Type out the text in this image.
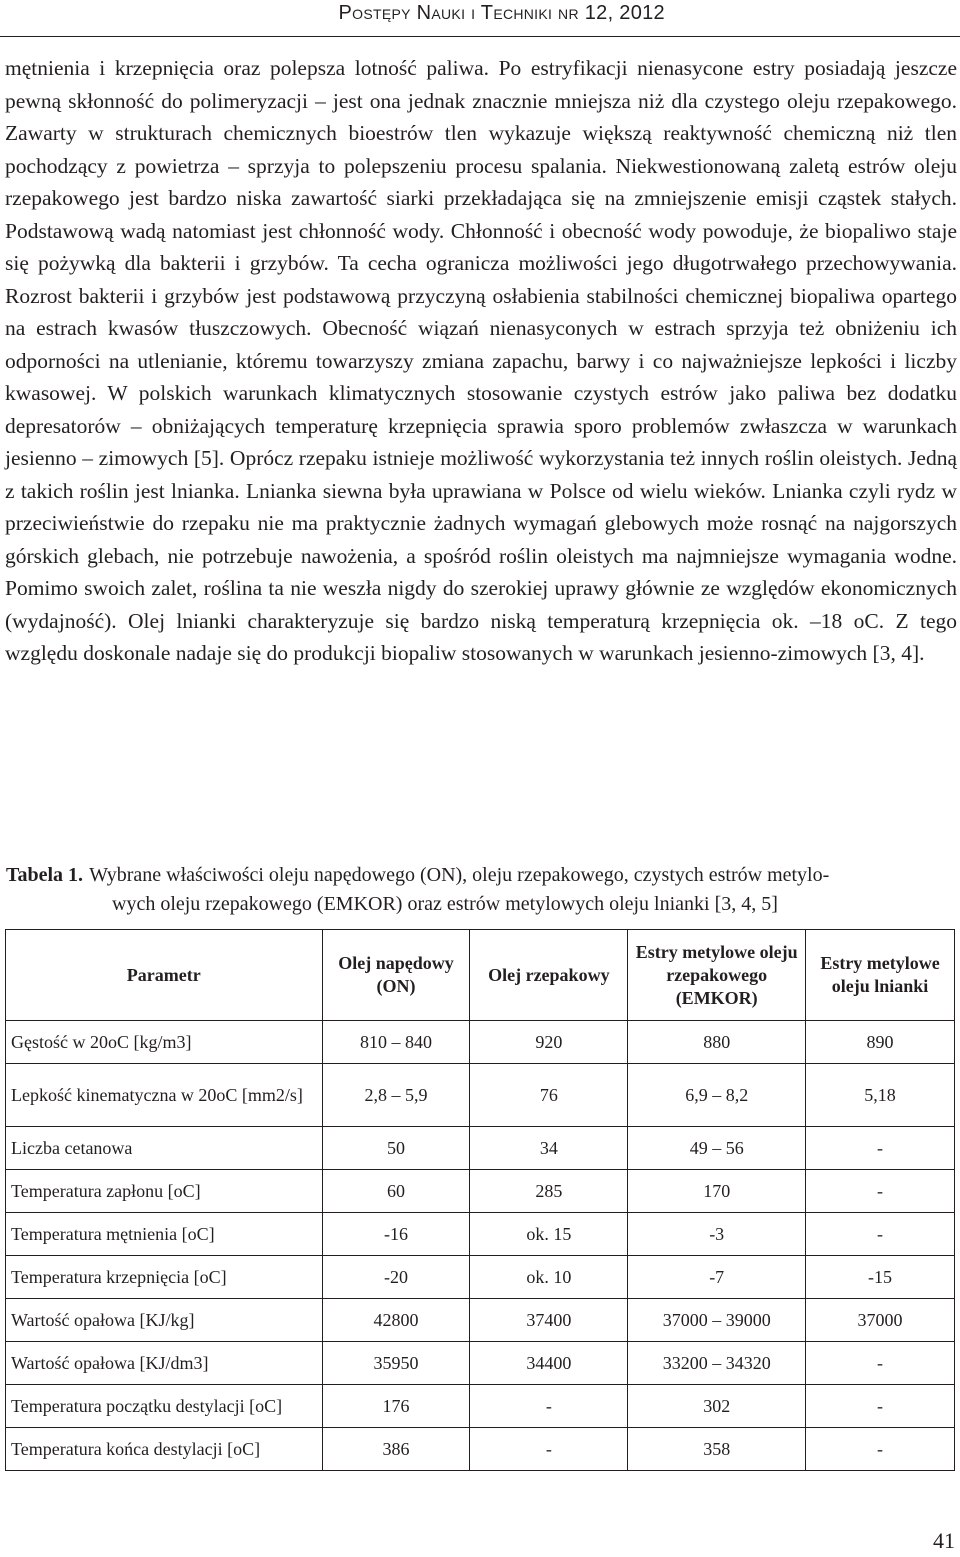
Postępy Nauki i Techniki nr 12, 2012

mętnienia i krzepnięcia oraz polepsza lotność paliwa. Po estryfikacji nienasycone estry posiadają jeszcze pewną skłonność do polimeryzacji – jest ona jednak znacznie mniejsza niż dla czystego oleju rzepakowego. Zawarty w strukturach chemicznych bioestrów tlen wykazuje większą reaktywność chemiczną niż tlen pochodzący z powietrza – sprzyja to polepszeniu procesu spalania. Niekwestionowaną zaletą estrów oleju rzepakowego jest bardzo niska zawartość siarki przekładająca się na zmniejszenie emisji cząstek stałych. Podstawową wadą natomiast jest chłonność wody. Chłonność i obecność wody powoduje, że biopaliwo staje się pożywką dla bakterii i grzybów. Ta cecha ogranicza możliwości jego długotrwałego przechowywania. Rozrost bakterii i grzybów jest podstawową przyczyną osłabienia stabilności chemicznej biopaliwa opartego na estrach kwasów tłuszczowych. Obecność wiązań nienasyconych w estrach sprzyja też obniżeniu ich odporności na utlenianie, któremu towarzyszy zmiana zapachu, barwy i co najważniejsze lepkości i liczby kwasowej. W polskich warunkach klimatycznych stosowanie czystych estrów jako paliwa bez dodatku depresatorów – obniżających temperaturę krzepnięcia sprawia sporo problemów zwłaszcza w warunkach jesienno – zimowych [5]. Oprócz rzepaku istnieje możliwość wykorzystania też innych roślin oleistych. Jedną z takich roślin jest lnianka. Lnianka siewna była uprawiana w Polsce od wielu wieków. Lnianka czyli rydz w przeciwieństwie do rzepaku nie ma praktycznie żadnych wymagań glebowych może rosnąć na najgorszych górskich glebach, nie potrzebuje nawożenia, a spośród roślin oleistych ma najmniejsze wymagania wodne. Pomimo swoich zalet, roślina ta nie weszła nigdy do szerokiej uprawy głównie ze względów ekonomicznych (wydajność). Olej lnianki charakteryzuje się bardzo niską temperaturą krzepnięcia ok. –18 oC. Z tego względu doskonale nadaje się do produkcji biopaliw stosowanych w warunkach jesienno-zimowych [3, 4].

Tabela 1. Wybrane właściwości oleju napędowego (ON), oleju rzepakowego, czystych estrów metylo-
wych oleju rzepakowego (EMKOR) oraz estrów metylowych oleju lnianki [3, 4, 5]
Parametr	Olej napędowy (ON)	Olej rzepakowy	Estry metylowe oleju rzepakowego (EMKOR)	Estry metylowe oleju lnianki
Gęstość w 20oC [kg/m3]	810 – 840	920	880	890
Lepkość kinematyczna w 20oC [mm2/s]	2,8 – 5,9	76	6,9 – 8,2	5,18
Liczba cetanowa	50	34	49 – 56	-
Temperatura zapłonu [oC]	60	285	170	-
Temperatura mętnienia [oC]	-16	ok. 15	-3	-
Temperatura krzepnięcia [oC]	-20	ok. 10	-7	-15
Wartość opałowa [KJ/kg]	42800	37400	37000 – 39000	37000
Wartość opałowa [KJ/dm3]	35950	34400	33200 – 34320	-
Temperatura początku destylacji [oC]	176	-	302	-
Temperatura końca destylacji [oC]	386	-	358	-
41
